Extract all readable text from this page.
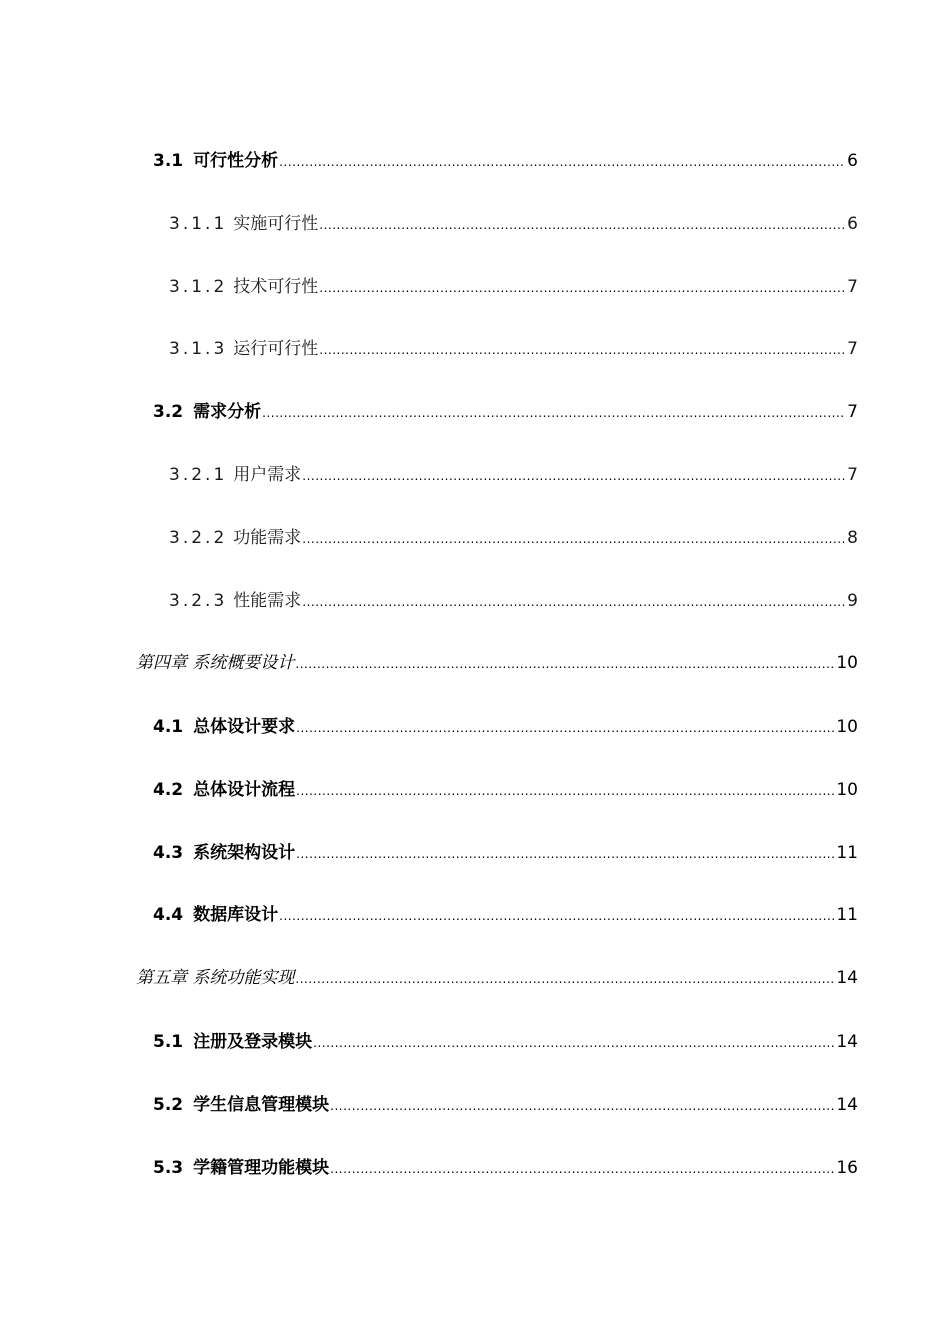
3.1 可行性分析 .....	6
3.1.1 实施可行性 .....	6
3.1.2 技术可行性 .....	7
3.1.3 运行可行性 .....	7
3.2 需求分析 .....	7
3.2.1 用户需求 .....	7
3.2.2 功能需求 .....	8
3.2.3 性能需求 .....	9
第四章 系统概要设计 .....	10
4.1 总体设计要求 .....	10
4.2 总体设计流程 .....	10
4.3 系统架构设计 .....	11
4.4 数据库设计 .....	11
第五章 系统功能实现 .....	14
5.1 注册及登录模块 .....	14
5.2 学生信息管理模块 .....	14
5.3 学籍管理功能模块 .....	16
